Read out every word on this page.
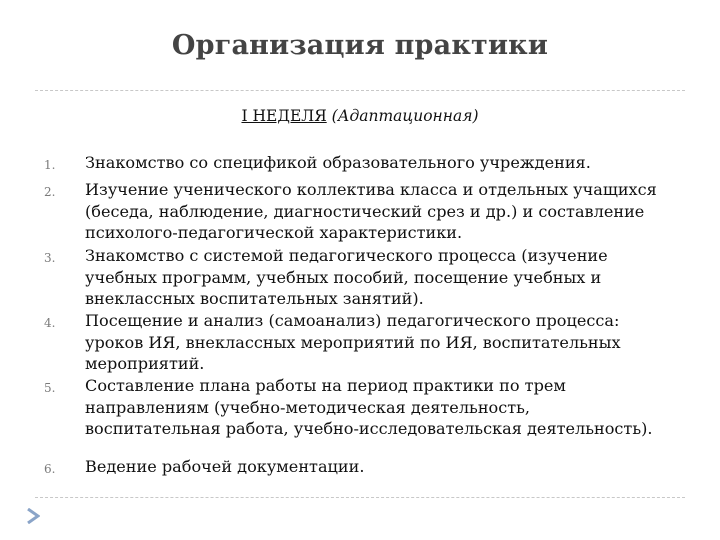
Организация практики
I НЕДЕЛЯ (Адаптационная)
1. Знакомство со спецификой образовательного учреждения.
2. Изучение ученического коллектива класса и отдельных учащихся (беседа, наблюдение, диагностический срез и др.) и составление психолого-педагогической характеристики.
3. Знакомство с системой педагогического процесса (изучение учебных программ, учебных пособий, посещение учебных и внеклассных воспитательных занятий).
4. Посещение и анализ (самоанализ) педагогического процесса: уроков ИЯ, внеклассных мероприятий по ИЯ, воспитательных мероприятий.
5. Составление плана работы на период практики по трем направлениям (учебно-методическая деятельность, воспитательная работа, учебно-исследовательская деятельность).
6. Ведение рабочей документации.
